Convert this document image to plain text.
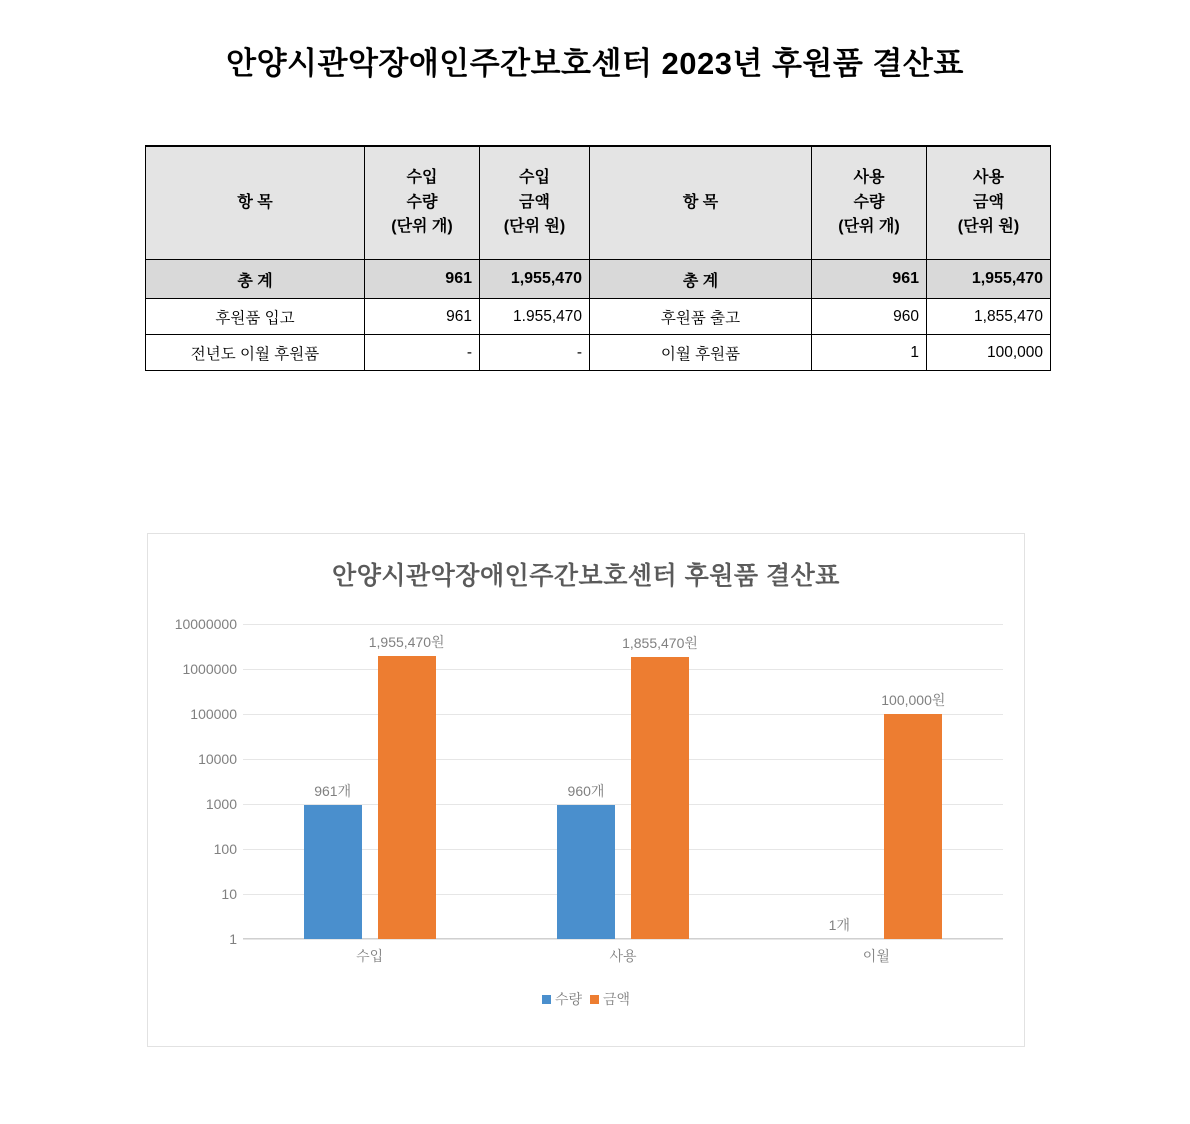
안양시관악장애인주간보호센터 2023년 후원품 결산표
항 목	수입
수량
(단위 개)	수입
금액
(단위 원)	항 목	사용
수량
(단위 개)	사용
금액
(단위 원)

총 계	961	1,955,470	총 계	961	1,955,470
후원품 입고	961	1.955,470	후원품 출고	960	1,855,470
전년도 이월 후원품	-	-	이월 후원품	1	100,000
안양시관악장애인주간보호센터 후원품 결산표
10000000
1000000
100000
10000
1000
100
10
1
961개
1,955,470원
수입
960개
1,855,470원
사용
1개
100,000원
이월
수량 금액
